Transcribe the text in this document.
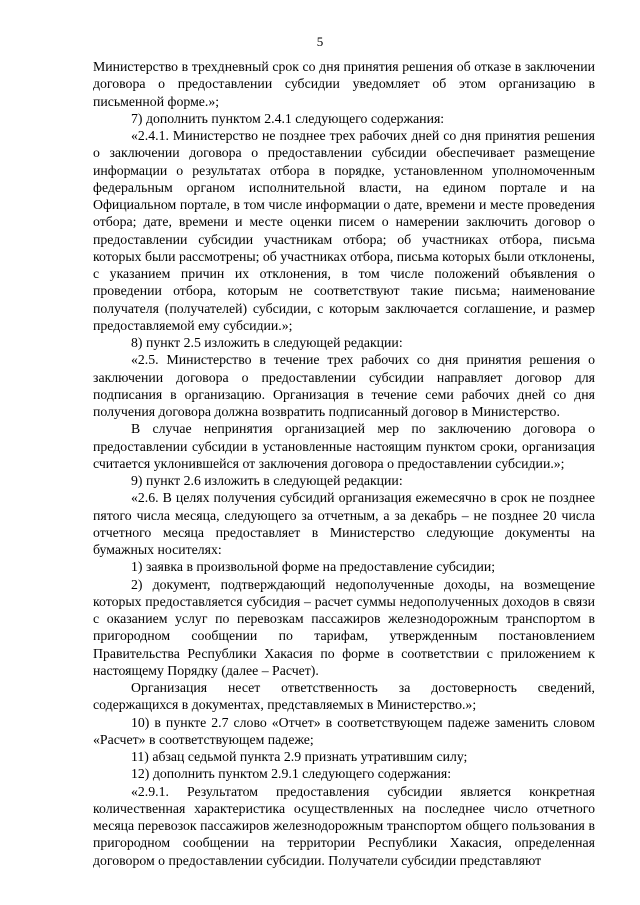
5

Министерство в трехдневный срок со дня принятия решения об отказе в заключении договора о предоставлении субсидии уведомляет об этом организацию в письменной форме.»;

7) дополнить пунктом 2.4.1 следующего содержания:

«2.4.1. Министерство не позднее трех рабочих дней со дня принятия решения о заключении договора о предоставлении субсидии обеспечивает размещение информации о результатах отбора в порядке, установленном уполномоченным федеральным органом исполнительной власти, на едином портале и на Официальном портале, в том числе информации о дате, времени и месте проведения отбора; дате, времени и месте оценки писем о намерении заключить договор о предоставлении субсидии участникам отбора; об участниках отбора, письма которых были рассмотрены; об участниках отбора, письма которых были отклонены, с указанием причин их отклонения, в том числе положений объявления о проведении отбора, которым не соответствуют такие письма; наименование получателя (получателей) субсидии, с которым заключается соглашение, и размер предоставляемой ему субсидии.»;

8) пункт 2.5 изложить в следующей редакции:

«2.5. Министерство в течение трех рабочих со дня принятия решения о заключении договора о предоставлении субсидии направляет договор для подписания в организацию. Организация в течение семи рабочих дней со дня получения договора должна возвратить подписанный договор в Министерство.

В случае непринятия организацией мер по заключению договора о предоставлении субсидии в установленные настоящим пунктом сроки, организация считается уклонившейся от заключения договора о предоставлении субсидии.»;

9) пункт 2.6 изложить в следующей редакции:

«2.6. В целях получения субсидий организация ежемесячно в срок не позднее пятого числа месяца, следующего за отчетным, а за декабрь – не позднее 20 числа отчетного месяца предоставляет в Министерство следующие документы на бумажных носителях:

1) заявка в произвольной форме на предоставление субсидии;

2) документ, подтверждающий недополученные доходы, на возмещение которых предоставляется субсидия – расчет суммы недополученных доходов в связи с оказанием услуг по перевозкам пассажиров железнодорожным транспортом в пригородном сообщении по тарифам, утвержденным постановлением Правительства Республики Хакасия по форме в соответствии с приложением к настоящему Порядку (далее – Расчет).

Организация несет ответственность за достоверность сведений, содержащихся в документах, представляемых в Министерство.»;

10) в пункте 2.7 слово «Отчет» в соответствующем падеже заменить словом «Расчет» в соответствующем падеже;

11) абзац седьмой пункта 2.9 признать утратившим силу;

12) дополнить пунктом 2.9.1 следующего содержания:

«2.9.1. Результатом предоставления субсидии является конкретная количественная характеристика осуществленных на последнее число отчетного месяца перевозок пассажиров железнодорожным транспортом общего пользования в пригородном сообщении на территории Республики Хакасия, определенная договором о предоставлении субсидии. Получатели субсидии представляют
